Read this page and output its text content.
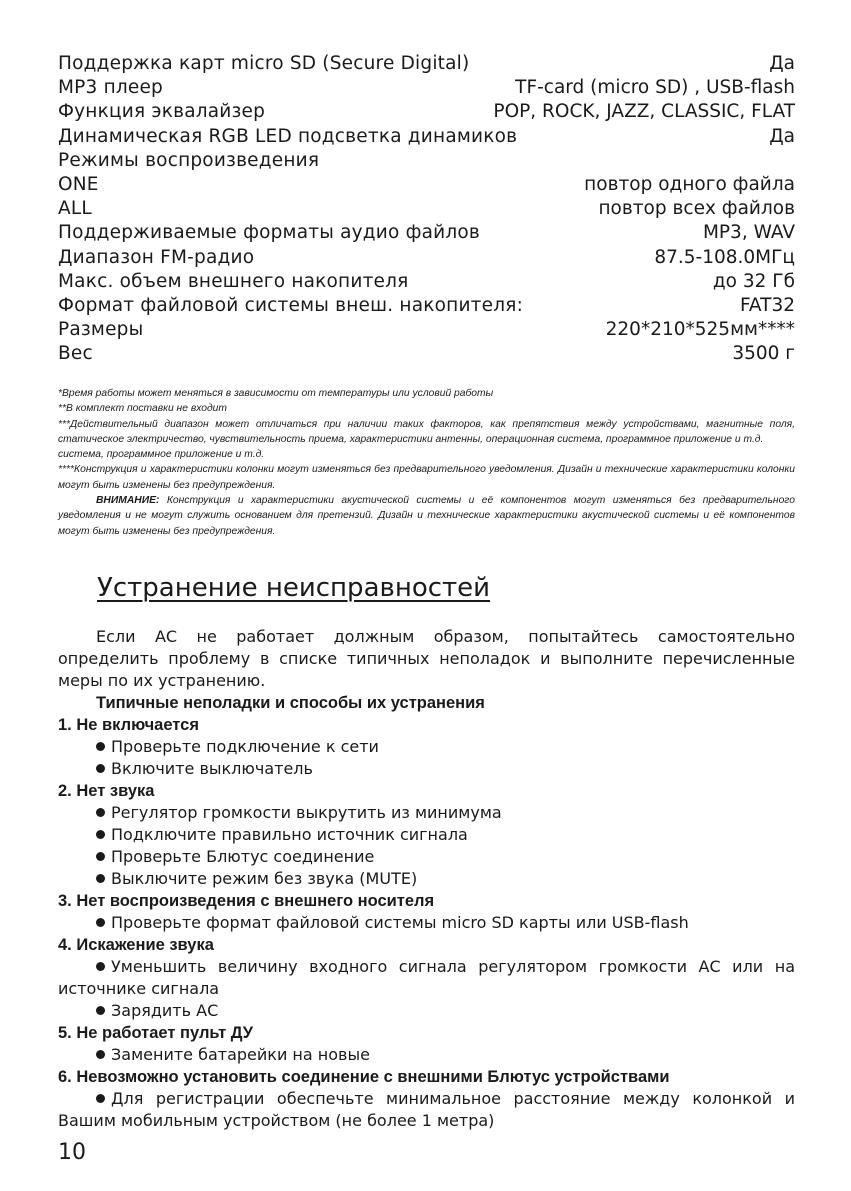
Поддержка карт micro SD (Secure Digital)	Да
MP3 плеер	TF-card (micro SD) , USB-flash
Функция эквалайзер	POP, ROCK, JAZZ, CLASSIC, FLAT
Динамическая RGB LED подсветка динамиков	Да
Режимы воспроизведения
ONE	повтор одного файла
ALL	повтор всех файлов
Поддерживаемые форматы аудио файлов	MP3, WAV
Диапазон FM-радио	87.5-108.0МГц
Макс. объем внешнего накопителя	до 32 Гб
Формат файловой системы внеш. накопителя:	FAT32
Размеры	220*210*525мм****
Вес	3500 г

*Время работы может меняться в зависимости от температуры или условий работы

**В комплект поставки не входит

***Действительный диапазон может отличаться при наличии таких факторов, как препятствия между устройствами, магнитные поля, статическое электричество, чувствительность приема, характеристики антенны, операционная система, программное приложение и т.д.

система, программное приложение и т.д.

****Конструкция и характеристики колонки могут изменяться без предварительного уведомления. Дизайн и технические характеристики колонки могут быть изменены без предупреждения.

ВНИМАНИЕ: Конструкция и характеристики акустической системы и её компонентов могут изменяться без предварительного уведомления и не могут служить основанием для претензий. Дизайн и технические характеристики акустической системы и её компонентов могут быть изменены без предупреждения.

Устранение неисправностей

Если АС не работает должным образом, попытайтесь самостоятельно определить проблему в списке типичных неполадок и выполните перечисленные меры по их устранению.

Типичные неполадки и способы их устранения

1. Не включается

Проверьте подключение к сети

Включите выключатель

2. Нет звука

Регулятор громкости выкрутить из минимума

Подключите правильно источник сигнала

Проверьте Блютус соединение

Выключите режим без звука (MUTE)

3. Нет воспроизведения с внешнего носителя

Проверьте формат файловой системы micro SD карты или USB-flash

4. Искажение звука

Уменьшить величину входного сигнала регулятором громкости АС или на источнике сигнала

Зарядить АС

5. Не работает пульт ДУ

Замените батарейки на новые

6. Невозможно установить соединение с внешними Блютус устройствами

Для регистрации обеспечьте минимальное расстояние между колонкой и Вашим мобильным устройством (не более 1 метра)

10
